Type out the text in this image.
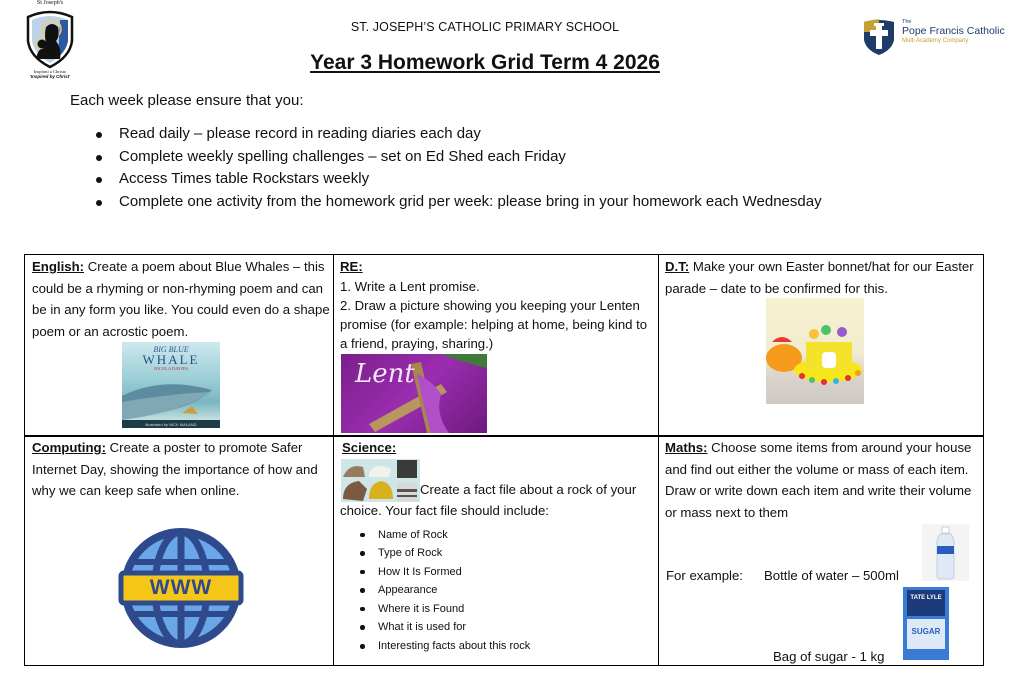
St Joseph's
Inspirati a Christo
'Inspired by Christ'
The
Pope Francis Catholic
Multi Academy Company
ST. JOSEPH’S CATHOLIC PRIMARY SCHOOL
Year 3 Homework Grid Term 4 2026
Each week please ensure that you:
Read daily – please record in reading diaries each day
Complete weekly spelling challenges – set on Ed Shed each Friday
Access Times table Rockstars weekly
Complete one activity from the homework grid per week: please bring in your homework each Wednesday
English: Create a poem about Blue Whales – this could be a rhyming or non-rhyming poem and can be in any form you like. You could even do a shape poem or an acrostic poem.
BIG BLUE
WHALE
NICOLA DAVIES
illustrated by NICK MALAND
RE:
1. Write a Lent promise.
2. Draw a picture showing you keeping your Lenten promise (for example: helping at home, being kind to a friend, praying, sharing.)
Lent
D.T: Make your own Easter bonnet/hat for our Easter parade – date to be confirmed for this.
Computing: Create a poster to promote Safer Internet Day, showing the importance of how and why we can keep safe when online.
WWW
Science:
Create a fact file about a rock of your choice. Your fact file should include:
Name of Rock
Type of Rock
How It Is Formed
Appearance
Where it is Found
What it is used for
Interesting facts about this rock
Maths: Choose some items from around your house and find out either the volume or mass of each item. Draw or write down each item and write their volume or mass next to them
For example: Bottle of water – 500ml
Bag of sugar - 1 kg
TATE LYLE
SUGAR
